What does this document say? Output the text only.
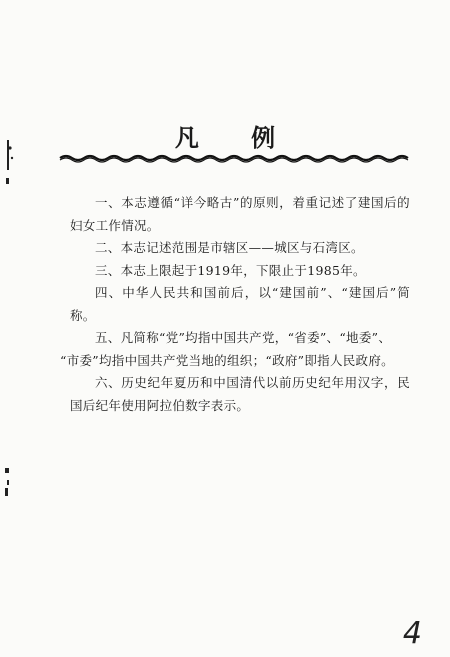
凡 例

一、本志遵循“详今略古”的原则，着重记述了建国后的妇女工作情况。

二、本志记述范围是市辖区——城区与石湾区。

三、本志上限起于1919年，下限止于1985年。

四、中华人民共和国前后，以“建国前”、“建国后”简称。

五、凡简称“党”均指中国共产党，“省委”、“地委”、

“市委”均指中国共产党当地的组织；“政府”即指人民政府。

六、历史纪年夏历和中国清代以前历史纪年用汉字，民国后纪年使用阿拉伯数字表示。

4
